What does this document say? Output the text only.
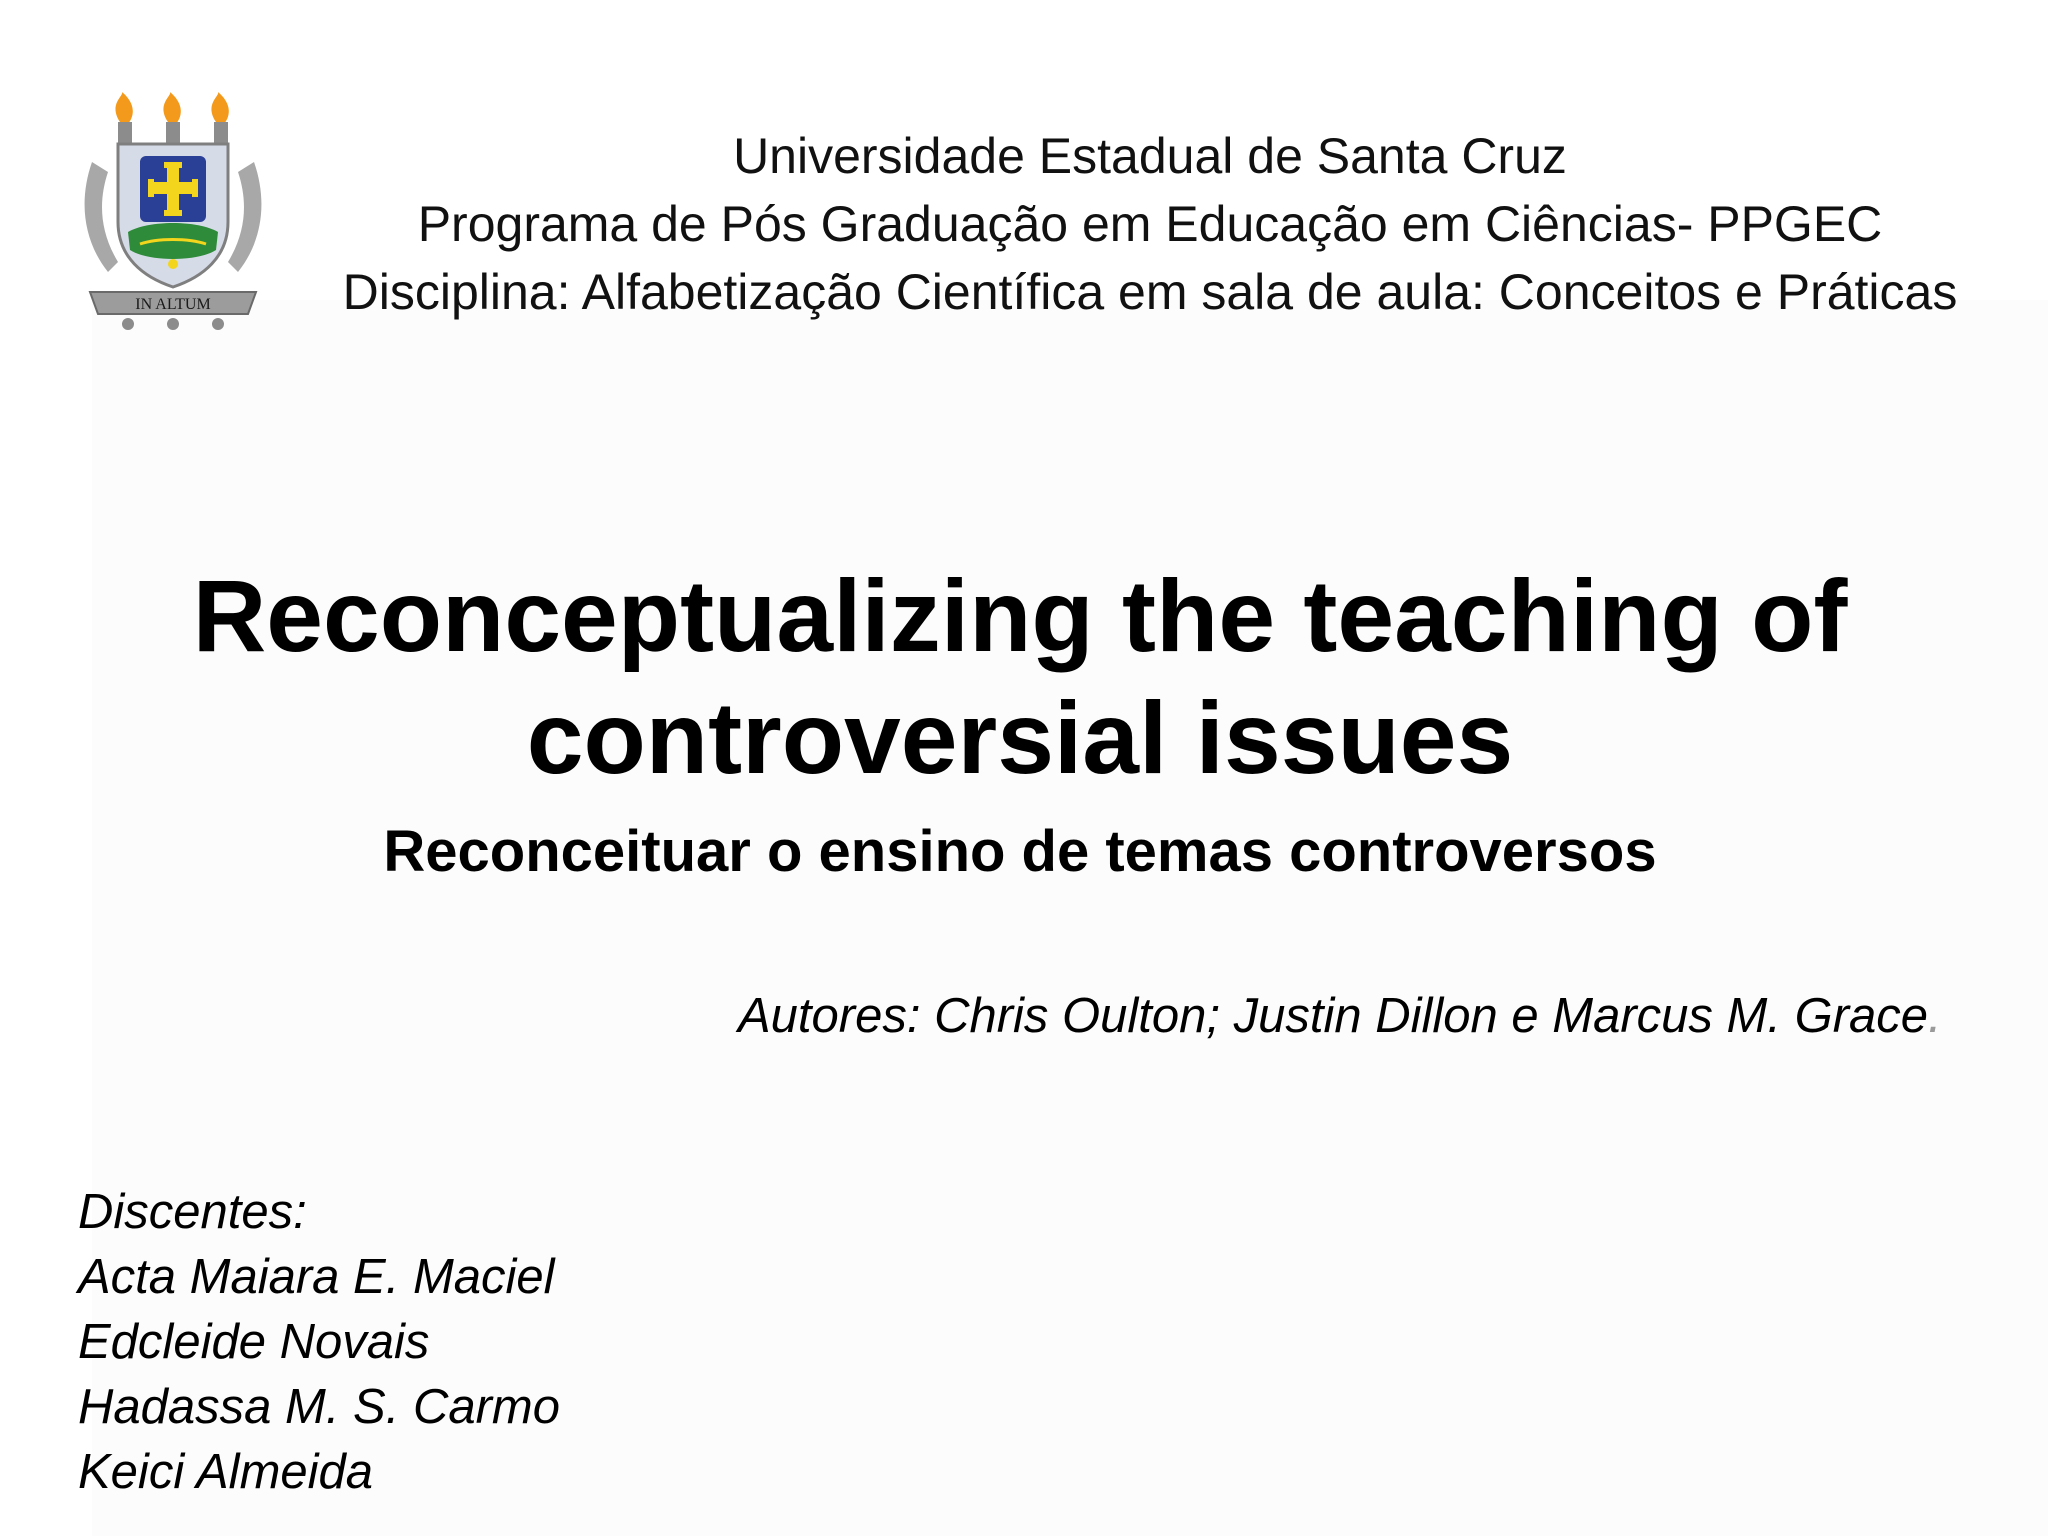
IN ALTUM
Universidade Estadual de Santa Cruz
Programa de Pós Graduação em Educação em Ciências- PPGEC
Disciplina: Alfabetização Científica em sala de aula: Conceitos e Práticas
Reconceptualizing the teaching of
controversial issues
Reconceituar o ensino de temas controversos
Autores: Chris Oulton; Justin Dillon e Marcus M. Grace.
Discentes:
Acta Maiara E. Maciel
Edcleide Novais
Hadassa M. S. Carmo
Keici Almeida
